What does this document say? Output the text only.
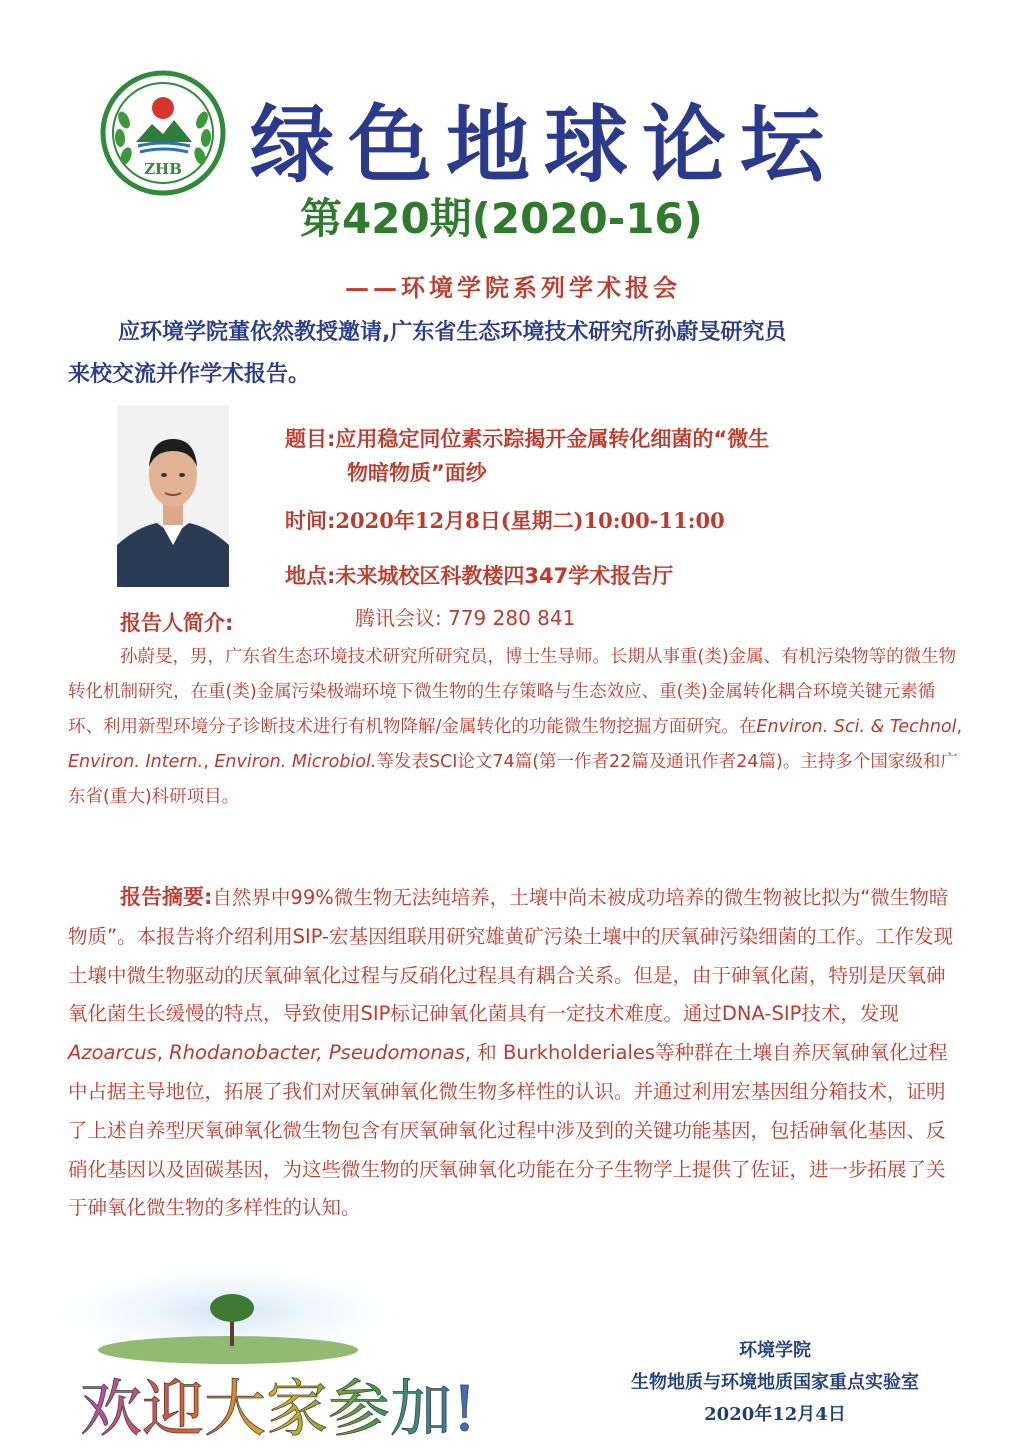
ZHB 绿色地球论坛
第420期(2020-16)
——环境学院系列学术报会
应环境学院董依然教授邀请,广东省生态环境技术研究所孙蔚旻研究员
来校交流并作学术报告。
题目:应用稳定同位素示踪揭开金属转化细菌的“微生
物暗物质”面纱
时间:2020年12月8日(星期二)10:00-11:00
地点:未来城校区科教楼四347学术报告厅
报告人简介:	腾讯会议: 779 280 841
孙蔚旻，男，广东省生态环境技术研究所研究员，博士生导师。长期从事重(类)金属、有机污染物等的微生物转化机制研究，在重(类)金属污染极端环境下微生物的生存策略与生态效应、重(类)金属转化耦合环境关键元素循环、利用新型环境分子诊断技术进行有机物降解/金属转化的功能微生物挖掘方面研究。在Environ. Sci. & Technol, Environ. Intern., Environ. Microbiol.等发表SCI论文74篇(第一作者22篇及通讯作者24篇)。主持多个国家级和广东省(重大)科研项目。
报告摘要:自然界中99%微生物无法纯培养，土壤中尚未被成功培养的微生物被比拟为“微生物暗物质”。本报告将介绍利用SIP-宏基因组联用研究雄黄矿污染土壤中的厌氧砷污染细菌的工作。工作发现土壤中微生物驱动的厌氧砷氧化过程与反硝化过程具有耦合关系。但是，由于砷氧化菌，特别是厌氧砷氧化菌生长缓慢的特点，导致使用SIP标记砷氧化菌具有一定技术难度。通过DNA-SIP技术，发现 Azoarcus, Rhodanobacter, Pseudomonas, 和 Burkholderiales等种群在土壤自养厌氧砷氧化过程中占据主导地位，拓展了我们对厌氧砷氧化微生物多样性的认识。并通过利用宏基因组分箱技术，证明了上述自养型厌氧砷氧化微生物包含有厌氧砷氧化过程中涉及到的关键功能基因，包括砷氧化基因、反硝化基因以及固碳基因，为这些微生物的厌氧砷氧化功能在分子生物学上提供了佐证，进一步拓展了关于砷氧化微生物的多样性的认知。
欢迎大家参加!
环境学院
生物地质与环境地质国家重点实验室
2020年12月4日
